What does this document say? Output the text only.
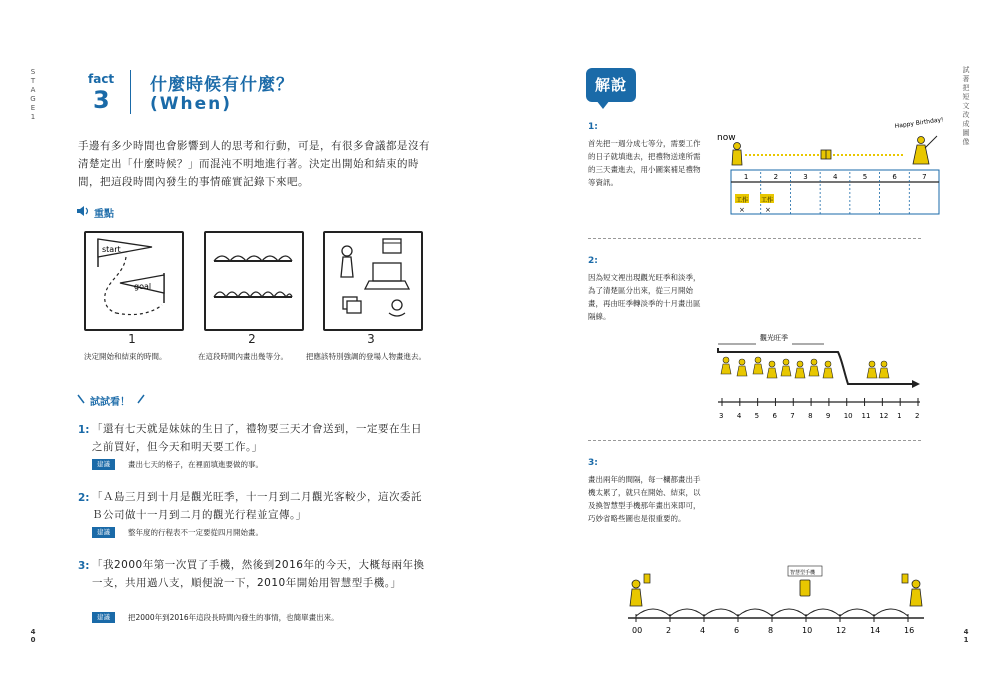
STAGE 1
40
fact
3
什麼時候有什麼？
(When)
手邊有多少時間也會影響到人的思考和行動，可是，有很多會議都是沒有清楚定出「什麼時候？」而混沌不明地進行著。決定出開始和結束的時間，把這段時間內發生的事情確實記錄下來吧。
重點
start
goal
1	2	3
決定開始和結束的時間。	在這段時間內畫出幾等分。 把應該特別強調的登場人物畫進去。
試試看！
1: 「還有七天就是妹妹的生日了，禮物要三天才會送到，一定要在生日之前買好，但今天和明天要工作。」
建議	畫出七天的格子，在裡面填進要做的事。
2: 「Ａ島三月到十月是觀光旺季，十一月到二月觀光客較少，這次委託Ｂ公司做十一月到二月的觀光行程並宣傳。」
建議	整年度的行程表不一定要從四月開始畫。
3: 「我2000年第一次買了手機，然後到2016年的今天，大概每兩年換一支，共用過八支，順便說一下，2010年開始用智慧型手機。」
建議	把2000年到2016年這段長時間內發生的事情，也簡單畫出來。
試著把短文改成圖像
41
解說
1:
首先把一週分成七等分，需要工作的日子就填進去，把禮物送達所需的三天畫進去，用小圖案補足禮物等資訊。
2:
因為短文裡出現觀光旺季和淡季，為了清楚區分出來，從三月開始畫，再由旺季轉淡季的十月畫出區隔線。
3:
畫出兩年的間隔，每一欄都畫出手機太累了，就只在開始、結束，以及換智慧型手機那年畫出來即可，巧妙省略些圖也是很重要的。
now
Happy Birthday!
1	2	3	4	5	6	7
工作 工作
×	×
觀光旺季
3 4 5 6 7 8 9 10 11 12 1 2
智慧型手機
00	2	4	6	8	10	12	14	16
